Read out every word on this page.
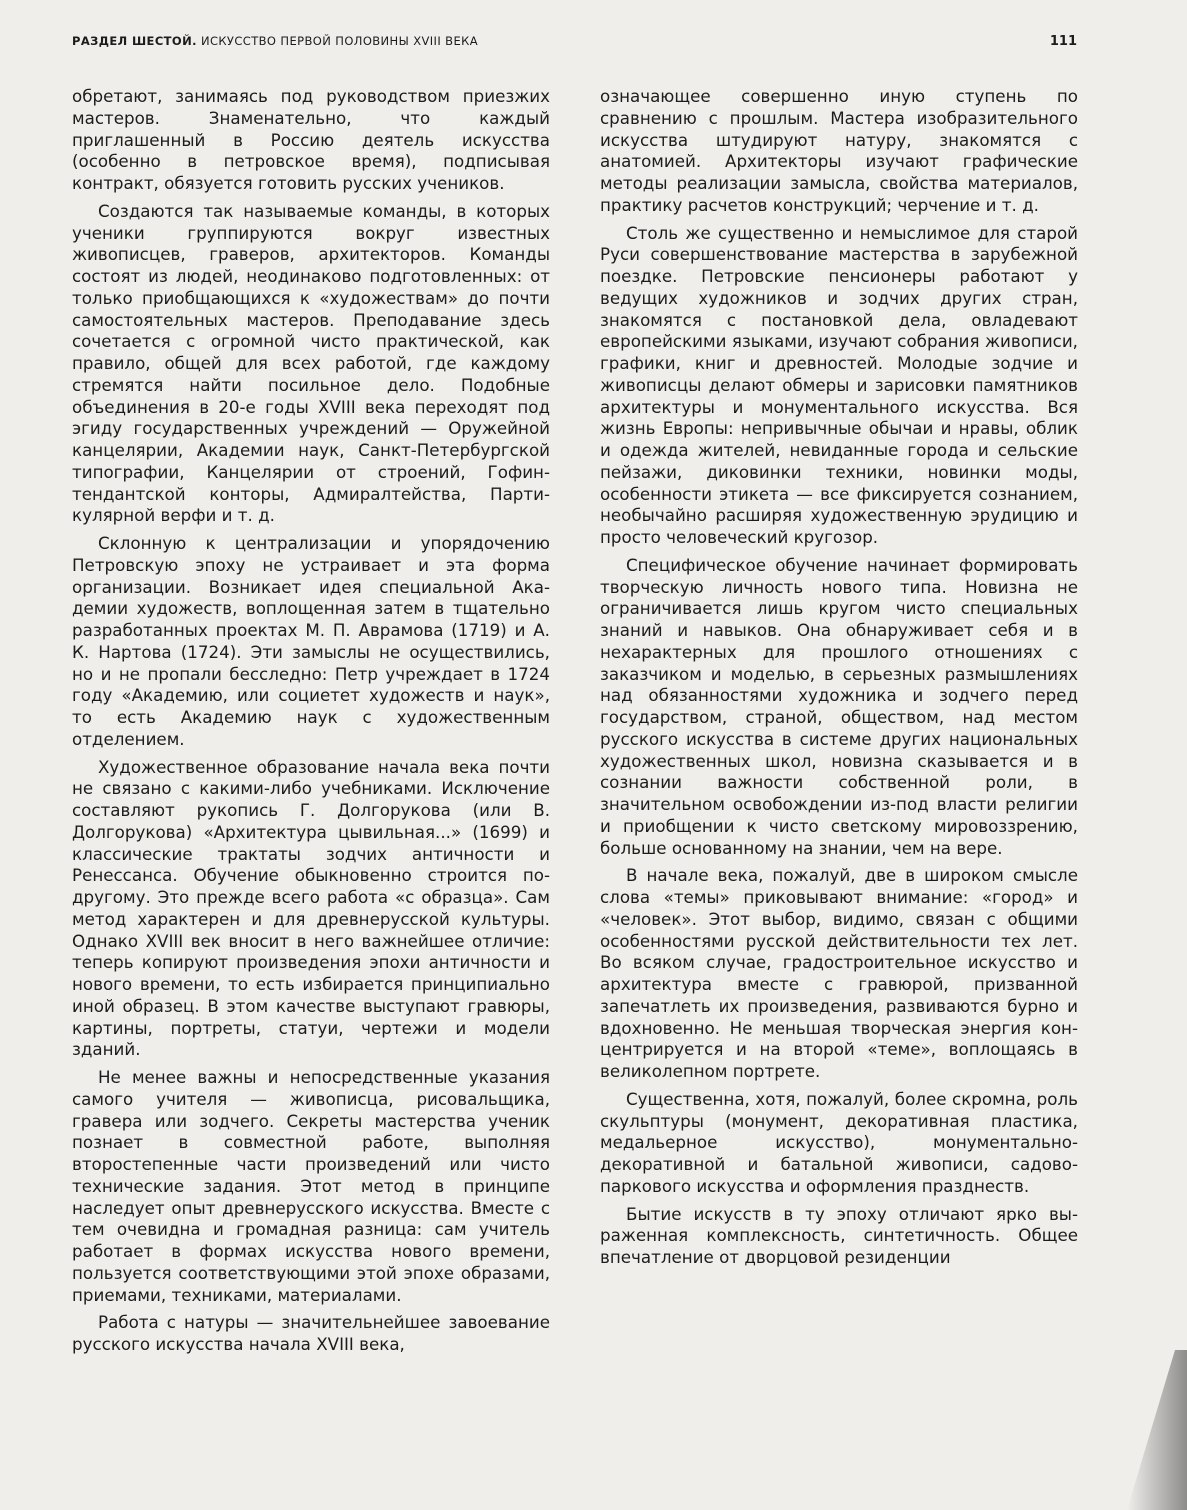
РАЗДЕЛ ШЕСТОЙ. ИСКУССТВО ПЕРВОЙ ПОЛОВИНЫ XVIII ВЕКА	111

обретают, занимаясь под руководством приезжих мастеров. Знаменательно, что каждый приглашенный в Россию деятель искусства (особенно в петровское время), подписывая контракт, обязуется готовить русских учеников.

Создаются так называемые команды, в которых ученики группируются вокруг известных живописцев, граверов, архитекторов. Команды состоят из людей, неодинаково подготовленных: от только приобщающихся к «художествам» до почти самостоятельных мастеров. Преподавание здесь сочетается с огромной чисто практической, как правило, общей для всех работой, где каждому стремятся найти посильное дело. Подобные объединения в 20-е годы XVIII века переходят под эгиду государственных учреждений — Оружейной канцелярии, Академии наук, Санкт-Петербургской типографии, Канцелярии от строений, Гофинтендантской конторы, Адмиралтейства, Партикулярной верфи и т. д.

Склонную к централизации и упорядочению Петровскую эпоху не устраивает и эта форма организации. Возникает идея специальной Академии художеств, воплощенная затем в тщательно разработанных проектах М. П. Аврамова (1719) и А. К. Нартова (1724). Эти замыслы не осуществились, но и не пропали бесследно: Петр учреждает в 1724 году «Академию, или социетет художеств и наук», то есть Академию наук с художественным отделением.

Художественное образование начала века почти не связано с какими-либо учебниками. Исключение составляют рукопись Г. Долгорукова (или В. Долгорукова) «Архитектура цывильная...» (1699) и классические трактаты зодчих античности и Ренессанса. Обучение обыкновенно строится по-другому. Это прежде всего работа «с образца». Сам метод характерен и для древнерусской культуры. Однако XVIII век вносит в него важнейшее отличие: теперь копируют произведения эпохи античности и нового времени, то есть избирается принципиально иной образец. В этом качестве выступают гравюры, картины, портреты, статуи, чертежи и модели зданий.

Не менее важны и непосредственные указания самого учителя — живописца, рисовальщика, гравера или зодчего. Секреты мастерства ученик познает в совместной работе, выполняя второстепенные части произведений или чисто технические задания. Этот метод в принципе наследует опыт древнерусского искусства. Вместе с тем очевидна и громадная разница: сам учитель работает в формах искусства нового времени, пользуется соответствующими этой эпохе образами, приемами, техниками, материалами.

Работа с натуры — значительнейшее завоевание русского искусства начала XVIII века,

означающее совершенно иную ступень по сравнению с прошлым. Мастера изобразительного искусства штудируют натуру, знакомятся с анатомией. Архитекторы изучают графические методы реализации замысла, свойства материалов, практику расчетов конструкций; черчение и т. д.

Столь же существенно и немыслимое для старой Руси совершенствование мастерства в зарубежной поездке. Петровские пенсионеры работают у ведущих художников и зодчих других стран, знакомятся с постановкой дела, овладевают европейскими языками, изучают собрания живописи, графики, книг и древностей. Молодые зодчие и живописцы делают обмеры и зарисовки памятников архитектуры и монументального искусства. Вся жизнь Европы: непривычные обычаи и нравы, облик и одежда жителей, невиданные города и сельские пейзажи, диковинки техники, новинки моды, особенности этикета — все фиксируется сознанием, необычайно расширяя художественную эрудицию и просто человеческий кругозор.

Специфическое обучение начинает формировать творческую личность нового типа. Новизна не ограничивается лишь кругом чисто специальных знаний и навыков. Она обнаруживает себя и в нехарактерных для прошлого отношениях с заказчиком и моделью, в серьезных размышлениях над обязанностями художника и зодчего перед государством, страной, обществом, над местом русского искусства в системе других национальных художественных школ, новизна сказывается и в сознании важности собственной роли, в значительном освобождении из-под власти религии и приобщении к чисто светскому мировоззрению, больше основанному на знании, чем на вере.

В начале века, пожалуй, две в широком смысле слова «темы» приковывают внимание: «город» и «человек». Этот выбор, видимо, связан с общими особенностями русской действительности тех лет. Во всяком случае, градостроительное искусство и архитектура вместе с гравюрой, призванной запечатлеть их произведения, развиваются бурно и вдохновенно. Не меньшая творческая энергия концентрируется и на второй «теме», воплощаясь в великолепном портрете.

Существенна, хотя, пожалуй, более скромна, роль скульптуры (монумент, декоративная пластика, медальерное искусство), монументально-декоративной и батальной живописи, садово-паркового искусства и оформления празднеств.

Бытие искусств в ту эпоху отличают ярко выраженная комплексность, синтетичность. Общее впечатление от дворцовой резиденции
